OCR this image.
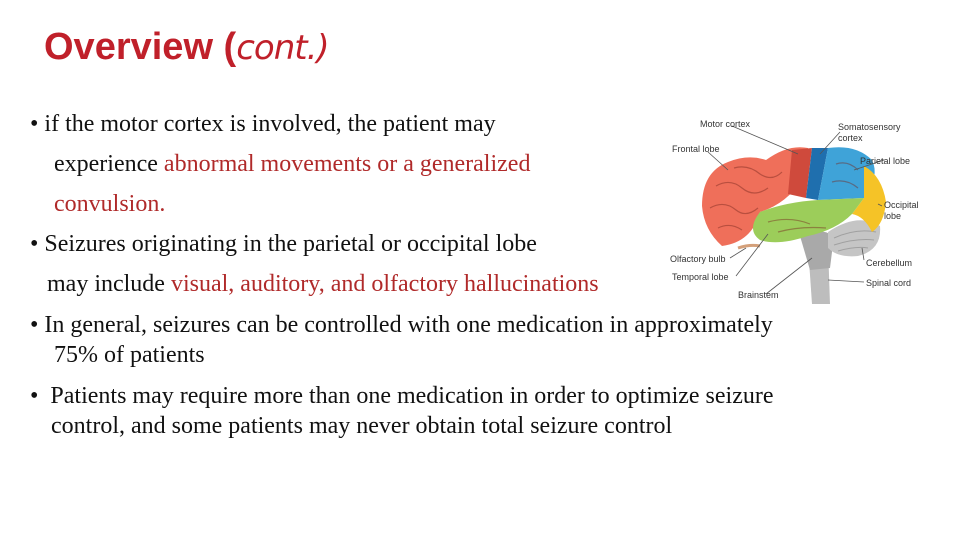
Overview (cont.)
• if the motor cortex is involved, the patient may
experience abnormal movements or a generalized
convulsion.
• Seizures originating in the parietal or occipital lobe
may include visual, auditory, and olfactory hallucinations
• In general, seizures can be controlled with one medication in approximately
75% of patients
•  Patients may require more than one medication in order to optimize seizure
control, and some patients may never obtain total seizure control
Motor cortex	Somatosensory
cortex
Frontal lobe
Parietal lobe
Occipital
lobe
Olfactory bulb
Temporal lobe
Cerebellum
Spinal cord
Brainstem
